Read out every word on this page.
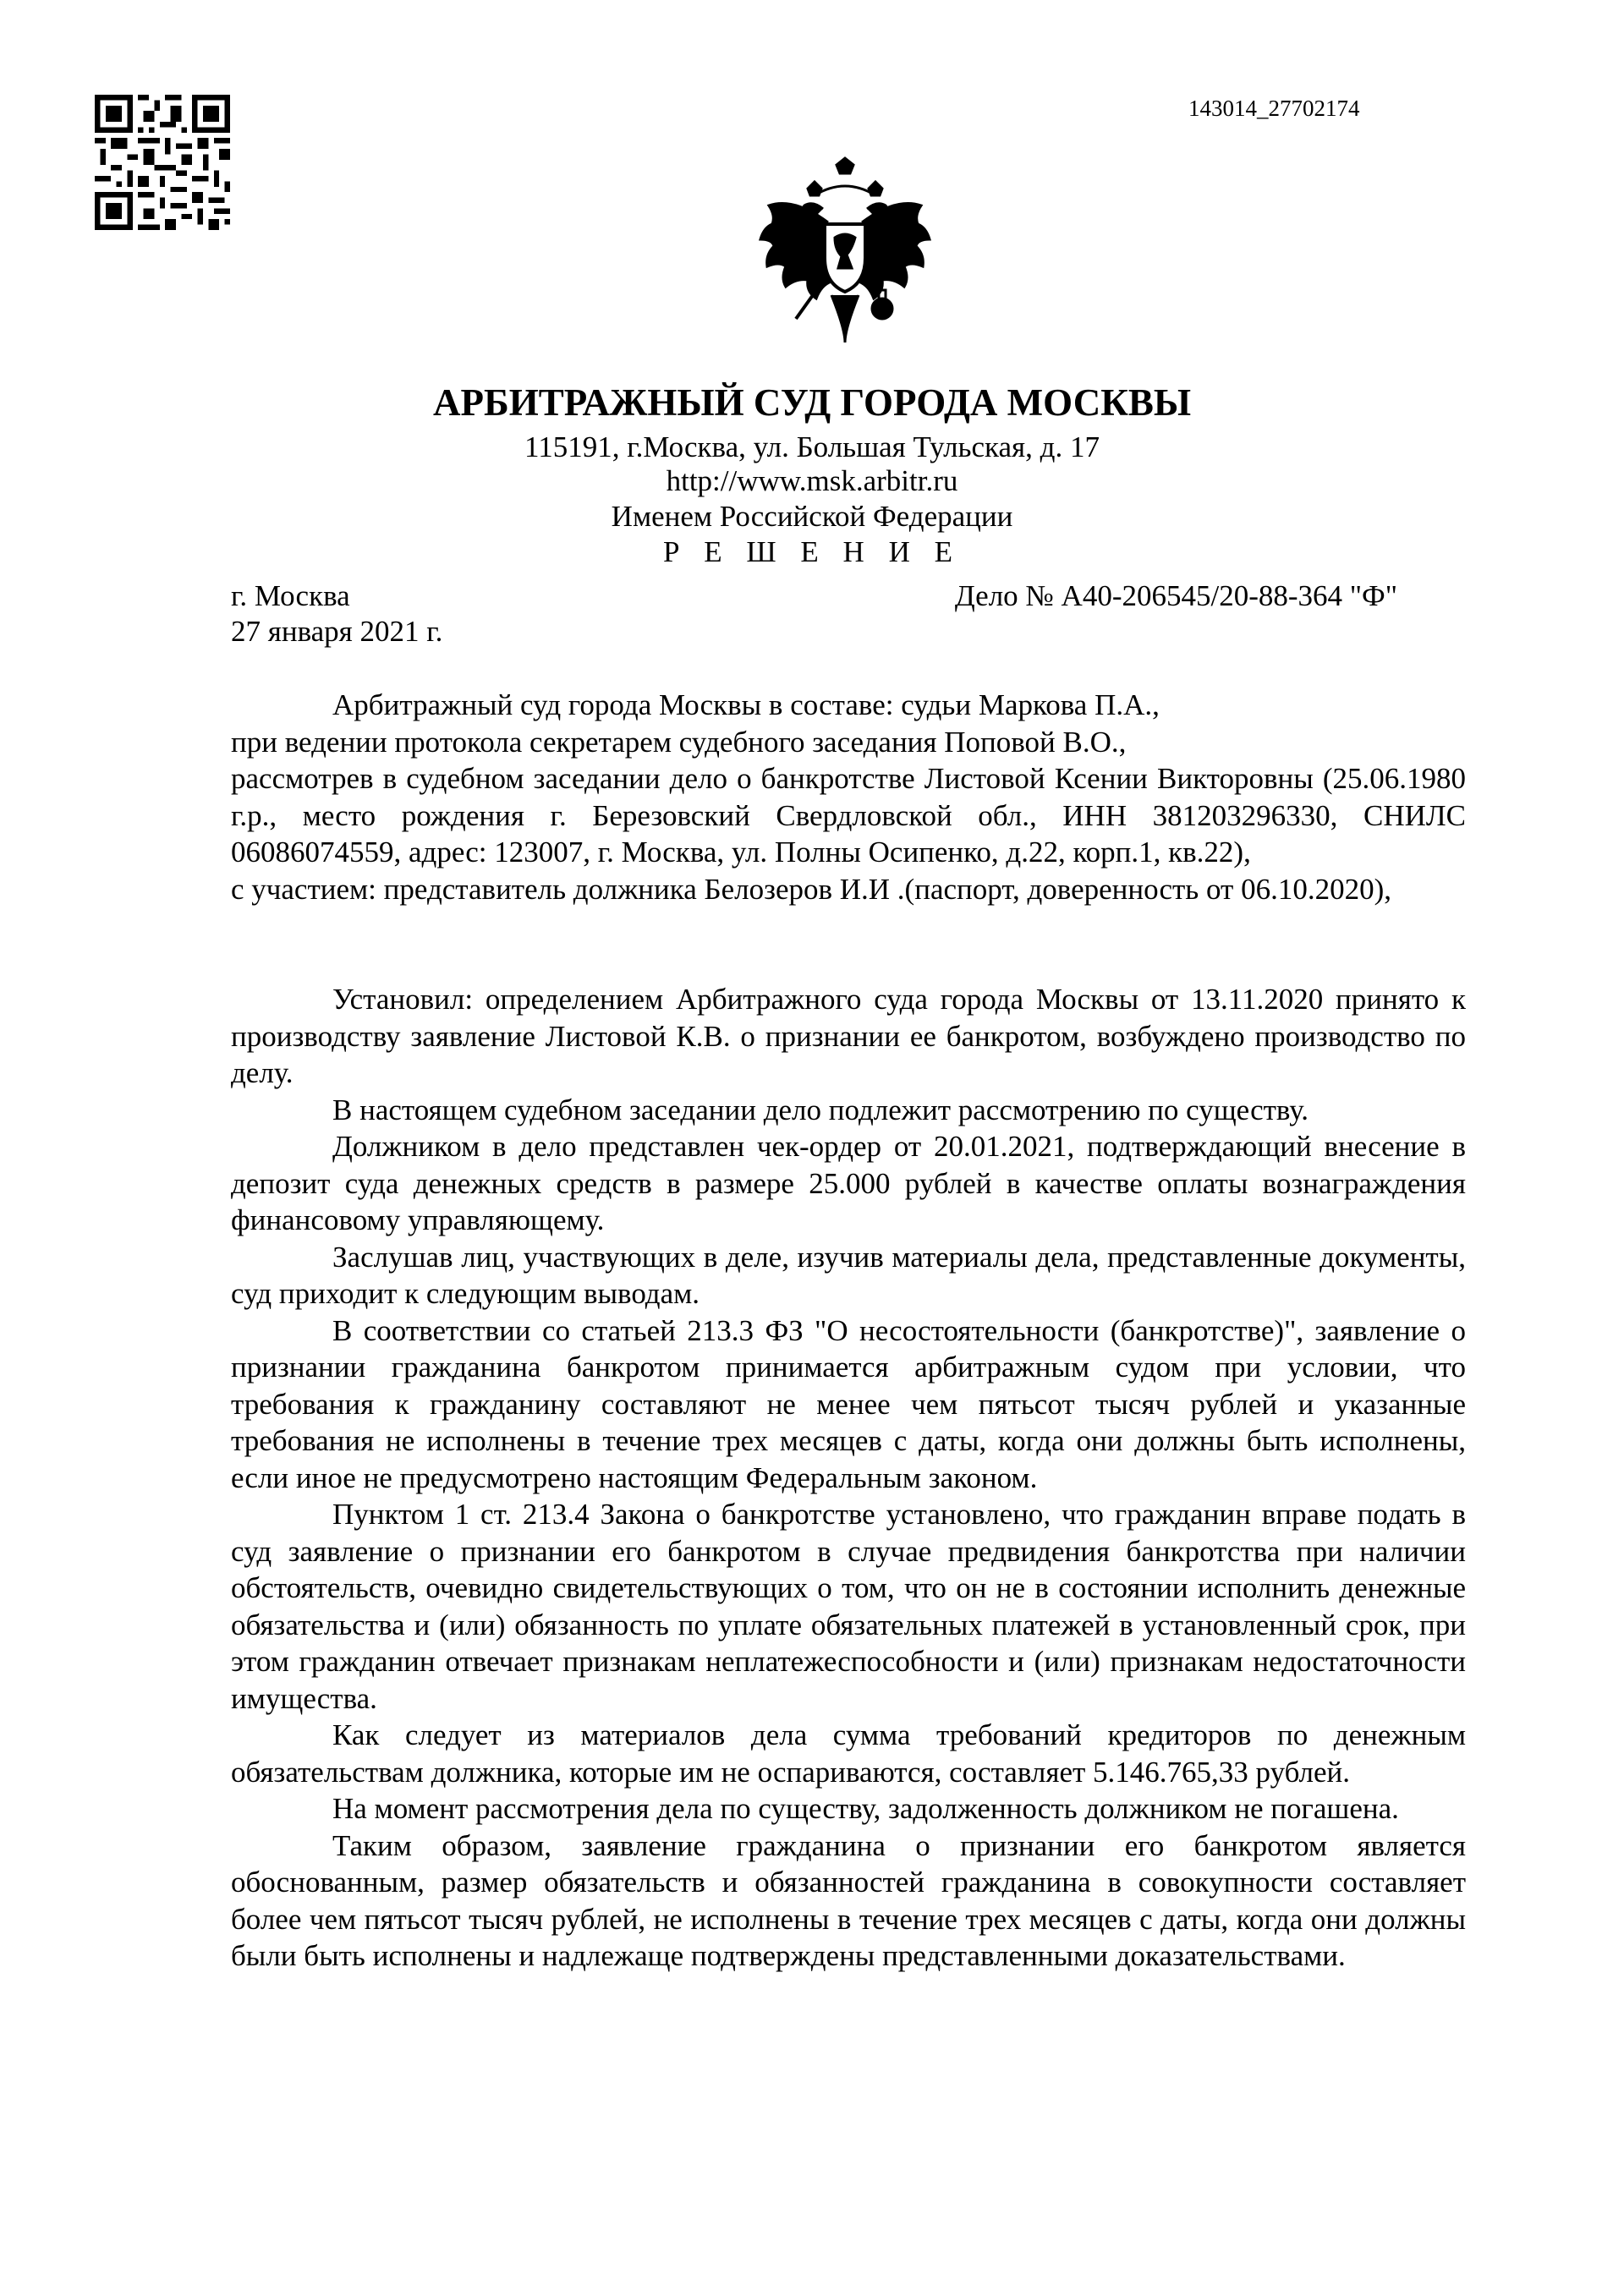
143014_27702174
АРБИТРАЖНЫЙ СУД ГОРОДА МОСКВЫ
115191, г.Москва, ул. Большая Тульская, д. 17
http://www.msk.arbitr.ru
Именем Российской Федерации
Р Е Ш Е Н И Е
г. Москва	Дело № А40-206545/20-88-364 "Ф"
27 января 2021 г.

Арбитражный суд города Москвы в составе: судьи Маркова П.А.,

при ведении протокола секретарем судебного заседания Поповой В.О.,

рассмотрев в судебном заседании дело о банкротстве Листовой Ксении Викторовны (25.06.1980 г.р., место рождения г. Березовский Свердловской обл., ИНН 381203296330, СНИЛС 06086074559, адрес: 123007, г. Москва, ул. Полны Осипенко, д.22, корп.1, кв.22),

с участием: представитель должника Белозеров И.И .(паспорт, доверенность от 06.10.2020),

Установил: определением Арбитражного суда города Москвы от 13.11.2020 принято к производству заявление Листовой К.В. о признании ее банкротом, возбуждено производство по делу.

В настоящем судебном заседании дело подлежит рассмотрению по существу.

Должником в дело представлен чек-ордер от 20.01.2021, подтверждающий внесение в депозит суда денежных средств в размере 25.000 рублей в качестве оплаты вознаграждения финансовому управляющему.

Заслушав лиц, участвующих в деле, изучив материалы дела, представленные документы, суд приходит к следующим выводам.

В соответствии со статьей 213.3 ФЗ "О несостоятельности (банкротстве)", заявление о признании гражданина банкротом принимается арбитражным судом при условии, что требования к гражданину составляют не менее чем пятьсот тысяч рублей и указанные требования не исполнены в течение трех месяцев с даты, когда они должны быть исполнены, если иное не предусмотрено настоящим Федеральным законом.

Пунктом 1 ст. 213.4 Закона о банкротстве установлено, что гражданин вправе подать в суд заявление о признании его банкротом в случае предвидения банкротства при наличии обстоятельств, очевидно свидетельствующих о том, что он не в состоянии исполнить денежные обязательства и (или) обязанность по уплате обязательных платежей в установленный срок, при этом гражданин отвечает признакам неплатежеспособности и (или) признакам недостаточности имущества.

Как следует из материалов дела сумма требований кредиторов по денежным обязательствам должника, которые им не оспариваются, составляет 5.146.765,33 рублей.

На момент рассмотрения дела по существу, задолженность должником не погашена.

Таким образом, заявление гражданина о признании его банкротом является обоснованным, размер обязательств и обязанностей гражданина в совокупности составляет более чем пятьсот тысяч рублей, не исполнены в течение трех месяцев с даты, когда они должны были быть исполнены и надлежаще подтверждены представленными доказательствами.
